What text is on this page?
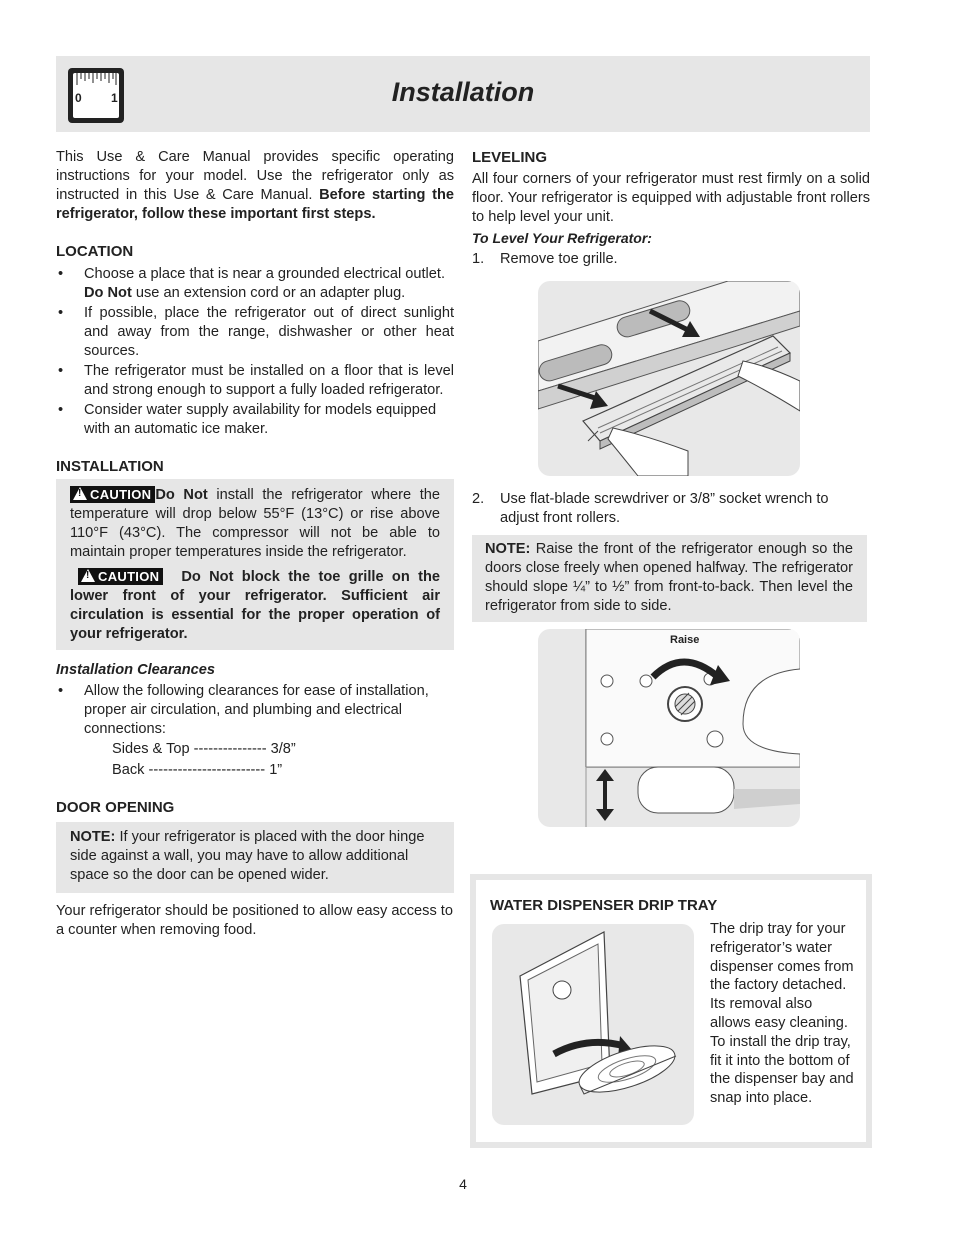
Installation
0 1

This Use & Care Manual provides specific operating instructions for your model. Use the refrigerator only as instructed in this Use & Care Manual. Before starting the refrigerator, follow these important first steps.

LOCATION
• Choose a place that is near a grounded electrical outlet. Do Not use an extension cord or an adapter plug.
• If possible, place the refrigerator out of direct sunlight and away from the range, dishwasher or other heat sources.
• The refrigerator must be installed on a floor that is level and strong enough to support a fully loaded refrigerator.
• Consider water supply availability for models equipped with an automatic ice maker.
INSTALLATION

!CAUTION Do Not install the refrigerator where the temperature will drop below 55°F (13°C) or rise above 110°F (43°C). The compressor will not be able to maintain proper temperatures inside the refrigerator.

!CAUTION Do Not block the toe grille on the lower front of your refrigerator. Sufficient air circulation is essential for the proper operation of your refrigerator.

Installation Clearances
• Allow the following clearances for ease of installation, proper air circulation, and plumbing and electrical connections:
Sides & Top --------------- 3/8”
Back ------------------------ 1”
DOOR OPENING

NOTE: If your refrigerator is placed with the door hinge side against a wall, you may have to allow additional space so the door can be opened wider.

Your refrigerator should be positioned to allow easy access to a counter when removing food.

LEVELING

All four corners of your refrigerator must rest firmly on a solid floor. Your refrigerator is equipped with adjustable front rollers to help level your unit.

To Level Your Refrigerator:
1. Remove toe grille.
2. Use flat-blade screwdriver or 3/8” socket wrench to adjust front rollers.

NOTE: Raise the front of the refrigerator enough so the doors close freely when opened halfway. The refrigerator should slope ¼” to ½” from front-to-back. Then level the refrigerator from side to side.

Raise
WATER DISPENSER DRIP TRAY

The drip tray for your refrigerator’s water dispenser comes from the factory detached. Its removal also allows easy cleaning. To install the drip tray, fit it into the bottom of the dispenser bay and snap into place.

4
